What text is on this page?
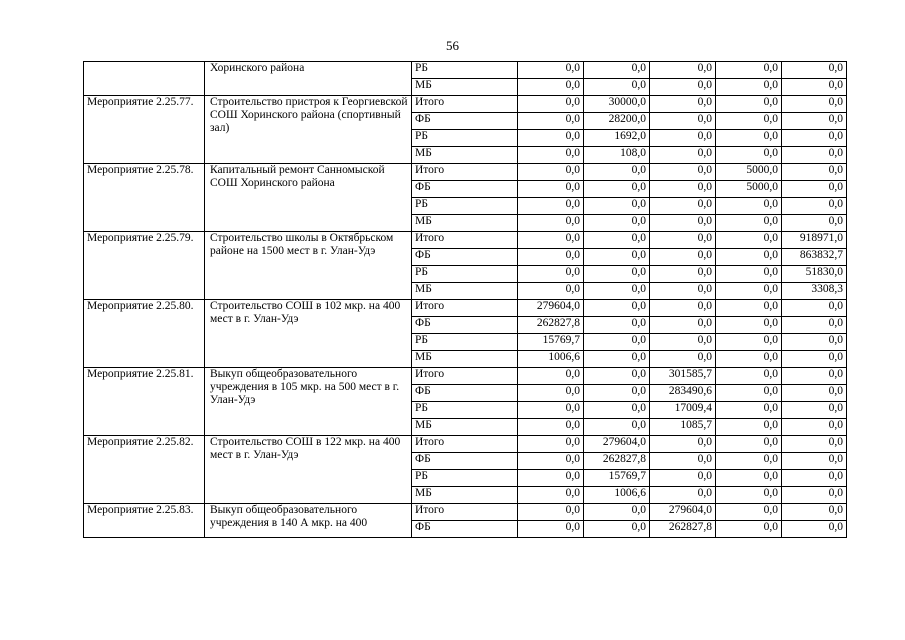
56

	Хоринского района	РБ	0,0	0,0	0,0	0,0	0,0
		МБ	0,0	0,0	0,0	0,0	0,0
Мероприятие 2.25.77.	Строительство пристроя к Георгиевской СОШ Хоринского района (спортивный зал)	Итого	0,0	30000,0	0,0	0,0	0,0
		ФБ	0,0	28200,0	0,0	0,0	0,0
		РБ	0,0	1692,0	0,0	0,0	0,0
		МБ	0,0	108,0	0,0	0,0	0,0
Мероприятие 2.25.78.	Капитальный ремонт Санномыской СОШ Хоринского района	Итого	0,0	0,0	0,0	5000,0	0,0
		ФБ	0,0	0,0	0,0	5000,0	0,0
		РБ	0,0	0,0	0,0	0,0	0,0
		МБ	0,0	0,0	0,0	0,0	0,0
Мероприятие 2.25.79.	Строительство школы в Октябрьском районе на 1500 мест в г. Улан-Удэ	Итого	0,0	0,0	0,0	0,0	918971,0
		ФБ	0,0	0,0	0,0	0,0	863832,7
		РБ	0,0	0,0	0,0	0,0	51830,0
		МБ	0,0	0,0	0,0	0,0	3308,3
Мероприятие 2.25.80.	Строительство СОШ в 102 мкр. на 400 мест в г. Улан-Удэ	Итого	279604,0	0,0	0,0	0,0	0,0
		ФБ	262827,8	0,0	0,0	0,0	0,0
		РБ	15769,7	0,0	0,0	0,0	0,0
		МБ	1006,6	0,0	0,0	0,0	0,0
Мероприятие 2.25.81.	Выкуп общеобразовательного учреждения в 105 мкр. на 500 мест в г. Улан-Удэ	Итого	0,0	0,0	301585,7	0,0	0,0
		ФБ	0,0	0,0	283490,6	0,0	0,0
		РБ	0,0	0,0	17009,4	0,0	0,0
		МБ	0,0	0,0	1085,7	0,0	0,0
Мероприятие 2.25.82.	Строительство СОШ в 122 мкр. на 400 мест в г. Улан-Удэ	Итого	0,0	279604,0	0,0	0,0	0,0
		ФБ	0,0	262827,8	0,0	0,0	0,0
		РБ	0,0	15769,7	0,0	0,0	0,0
		МБ	0,0	1006,6	0,0	0,0	0,0
Мероприятие 2.25.83.	Выкуп общеобразовательного учреждения в 140 А мкр. на 400	Итого	0,0	0,0	279604,0	0,0	0,0
		ФБ	0,0	0,0	262827,8	0,0	0,0
